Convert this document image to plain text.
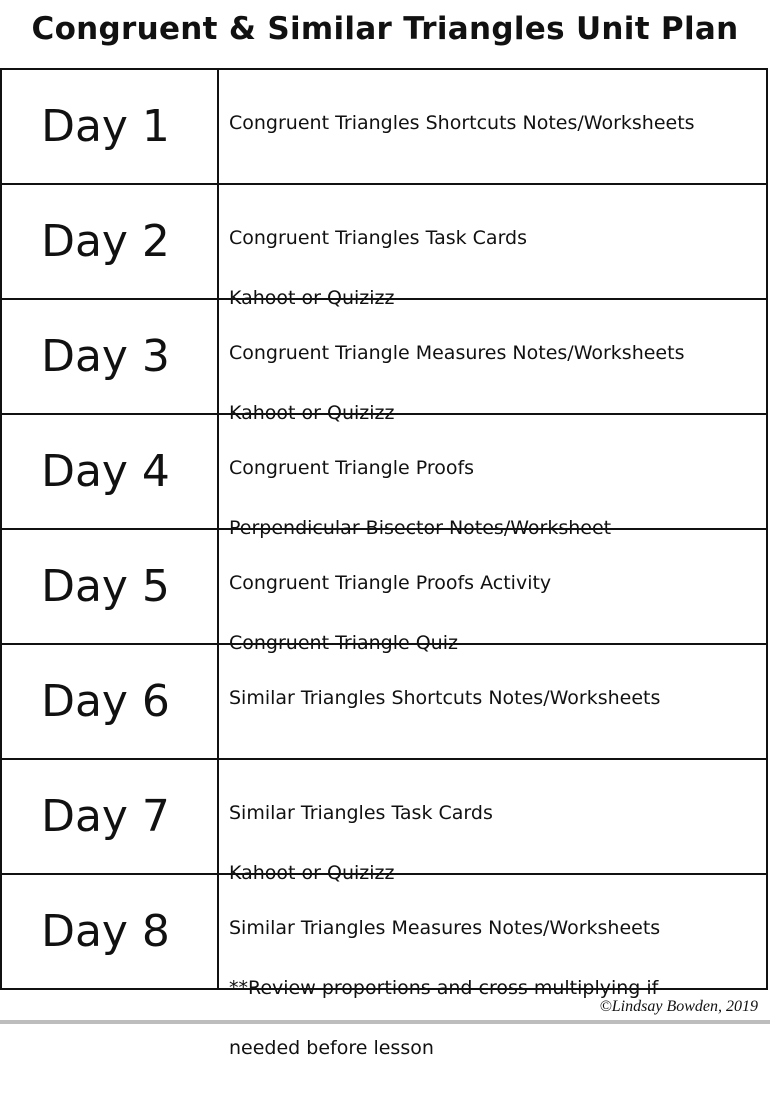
Congruent & Similar Triangles Unit Plan
Day 1	Congruent Triangles Shortcuts Notes/Worksheets

Day 2	Congruent Triangles Task Cards

Kahoot or Quizizz

Day 3	Congruent Triangle Measures Notes/Worksheets

Kahoot or Quizizz

Day 4	Congruent Triangle Proofs

Perpendicular Bisector Notes/Worksheet

Day 5	Congruent Triangle Proofs Activity

Congruent Triangle Quiz

Day 6	Similar Triangles Shortcuts Notes/Worksheets

Day 7	Similar Triangles Task Cards

Kahoot or Quizizz

Day 8	Similar Triangles Measures Notes/Worksheets

**Review proportions and cross multiplying if

needed before lesson

©Lindsay Bowden, 2019
